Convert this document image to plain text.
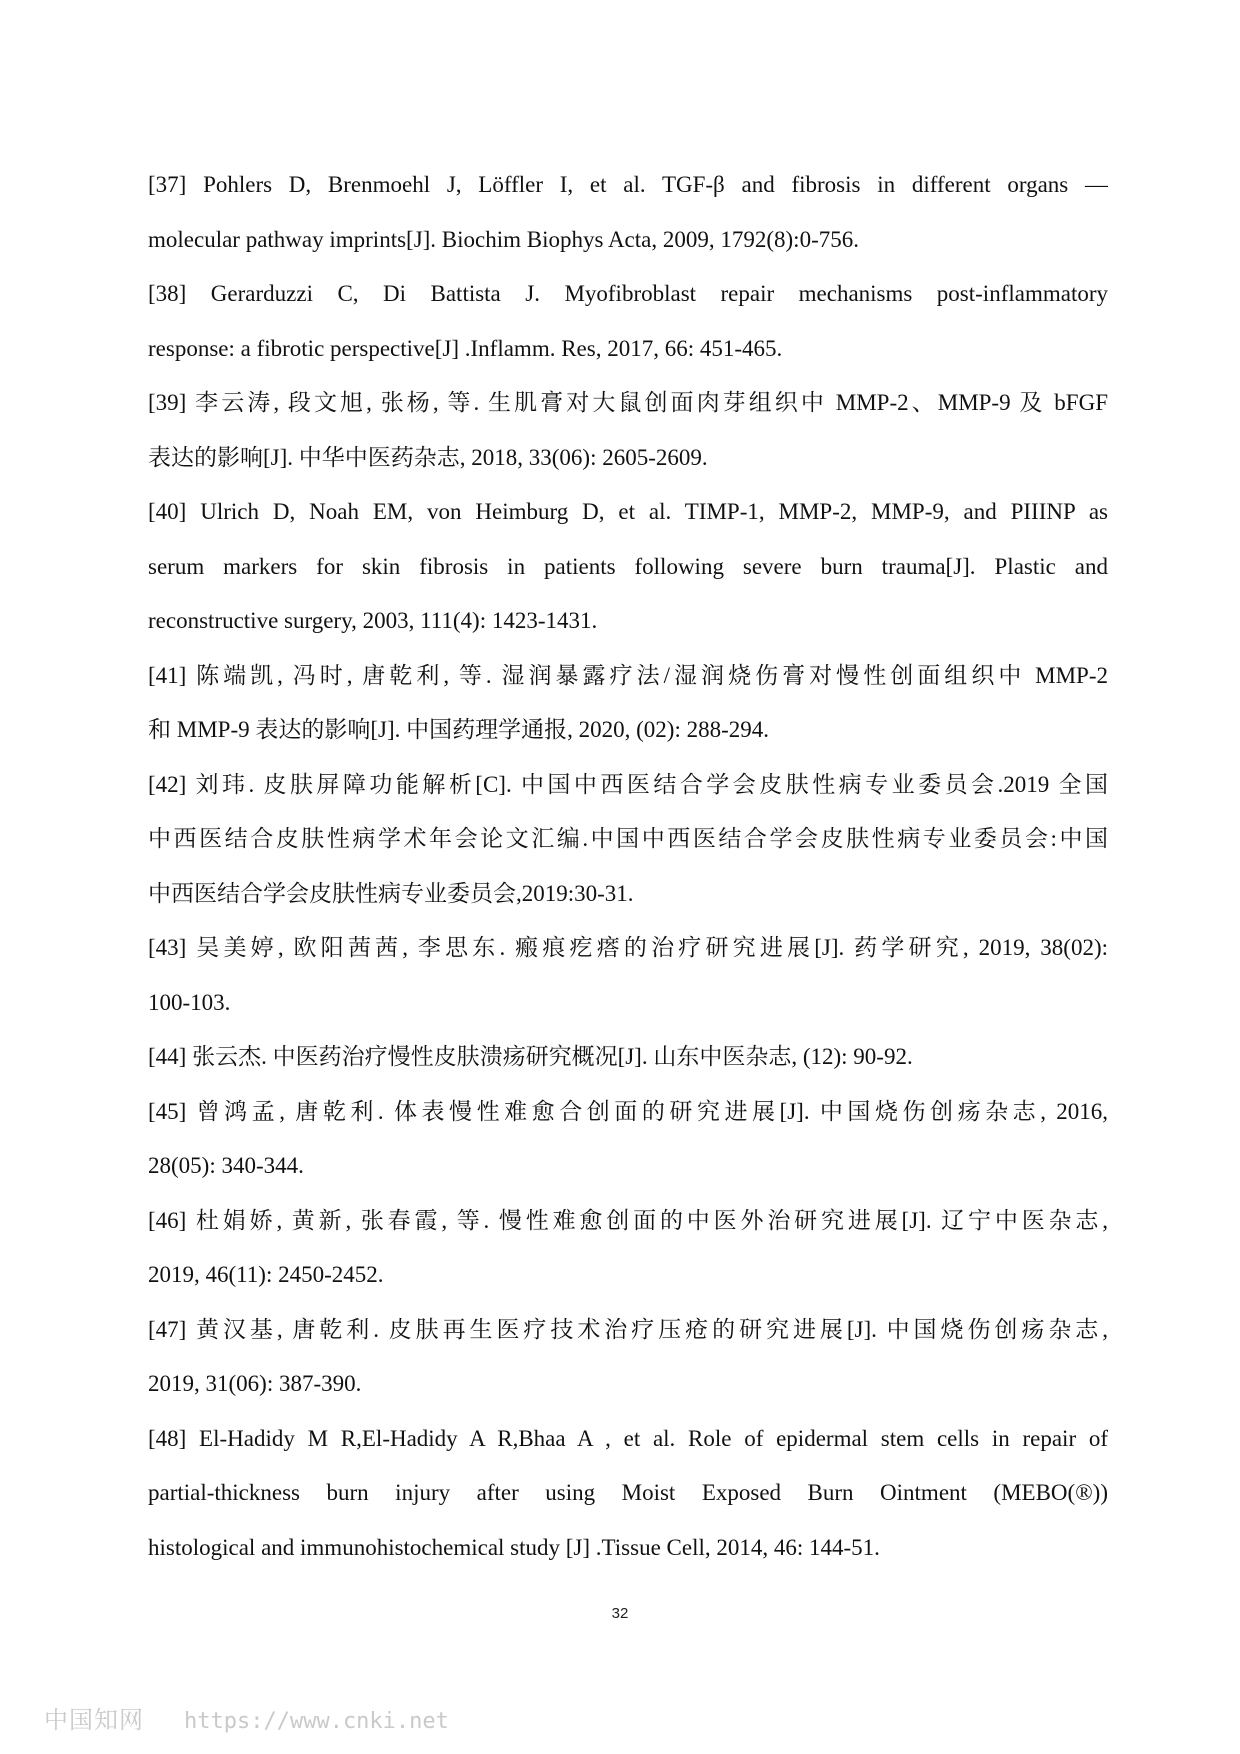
[37] Pohlers D, Brenmoehl J, Löffler I, et al. TGF-β and fibrosis in different organs —
molecular pathway imprints[J]. Biochim Biophys Acta, 2009, 1792(8):0-756.
[38] Gerarduzzi C, Di Battista J. Myofibroblast repair mechanisms post-inflammatory
response: a fibrotic perspective[J] .Inflamm. Res, 2017, 66: 451-465.
[39] 李云涛, 段文旭, 张杨, 等. 生肌膏对大鼠创面肉芽组织中 MMP-2、MMP-9 及 bFGF
表达的影响[J]. 中华中医药杂志, 2018, 33(06): 2605-2609.
[40] Ulrich D, Noah EM, von Heimburg D, et al. TIMP-1, MMP-2, MMP-9, and PIIINP as
serum markers for skin fibrosis in patients following severe burn trauma[J]. Plastic and
reconstructive surgery, 2003, 111(4): 1423-1431.
[41] 陈端凯, 冯时, 唐乾利, 等. 湿润暴露疗法/湿润烧伤膏对慢性创面组织中 MMP-2
和 MMP-9 表达的影响[J]. 中国药理学通报, 2020, (02): 288-294.
[42] 刘玮. 皮肤屏障功能解析[C]. 中国中西医结合学会皮肤性病专业委员会.2019 全国
中西医结合皮肤性病学术年会论文汇编.中国中西医结合学会皮肤性病专业委员会:中国
中西医结合学会皮肤性病专业委员会,2019:30-31.
[43] 吴美婷, 欧阳茜茜, 李思东. 瘢痕疙瘩的治疗研究进展[J]. 药学研究, 2019, 38(02):
100-103.
[44] 张云杰. 中医药治疗慢性皮肤溃疡研究概况[J]. 山东中医杂志, (12): 90-92.
[45] 曾鸿孟, 唐乾利. 体表慢性难愈合创面的研究进展[J]. 中国烧伤创疡杂志, 2016,
28(05): 340-344.
[46] 杜娟娇, 黄新, 张春霞, 等. 慢性难愈创面的中医外治研究进展[J]. 辽宁中医杂志,
2019, 46(11): 2450-2452.
[47] 黄汉基, 唐乾利. 皮肤再生医疗技术治疗压疮的研究进展[J]. 中国烧伤创疡杂志,
2019, 31(06): 387-390.
[48] El-Hadidy M R,El-Hadidy A R,Bhaa A , et al. Role of epidermal stem cells in repair of
partial-thickness burn injury after using Moist Exposed Burn Ointment (MEBO(®))
histological and immunohistochemical study [J] .Tissue Cell, 2014, 46: 144-51.
32
中国知网 https://www.cnki.net
